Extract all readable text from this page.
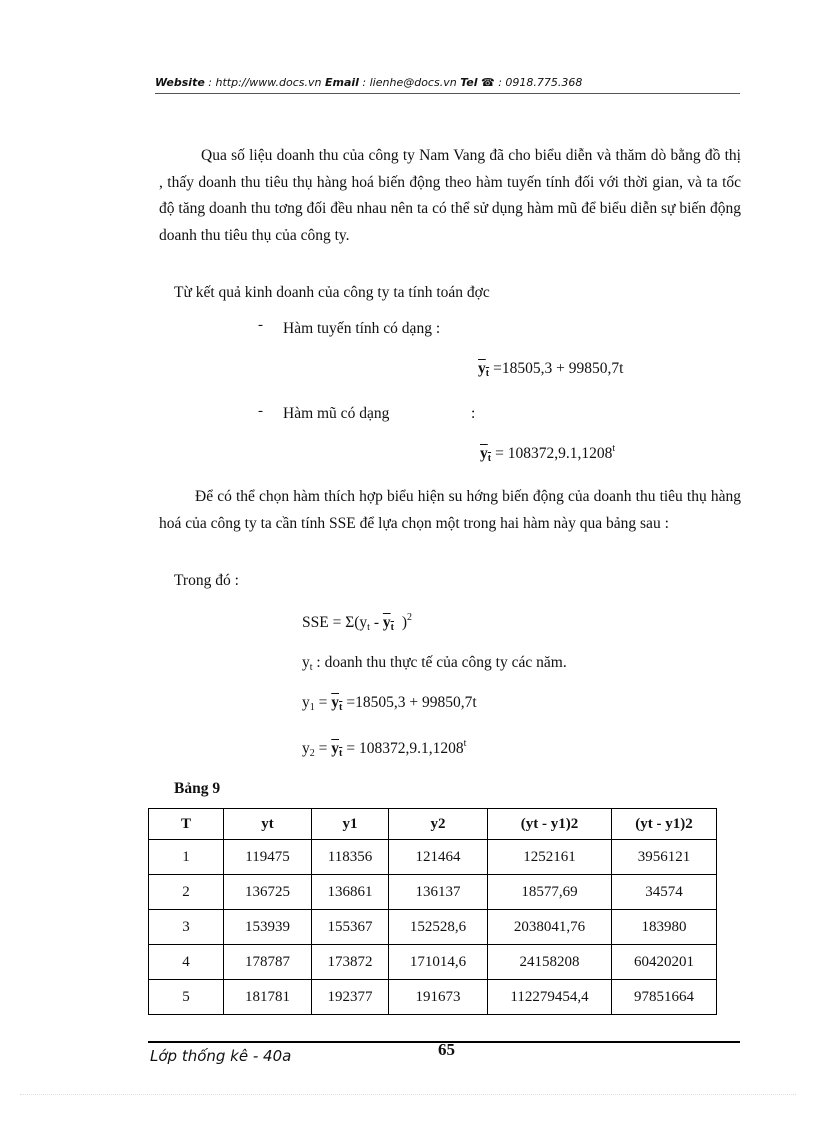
Website : http://www.docs.vn Email : lienhe@docs.vn Tel ☎ : 0918.775.368
Qua số liệu doanh thu của công ty Nam Vang đã cho biểu diễn và thăm dò bằng đồ thị , thấy doanh thu tiêu thụ hàng hoá biến động theo hàm tuyến tính đối với thời gian, và ta tốc độ tăng doanh thu tơng đối đều nhau nên ta có thể sử dụng hàm mũ để biểu diễn sự biến động doanh thu tiêu thụ của công ty.
Từ kết quả kinh doanh của công ty ta tính toán đợc
- Hàm tuyến tính có dạng :
$y_t =18505,3 + 99850,7t$
- Hàm mũ có dạng	:
$y_t = 108372,9.1,1208^t$
Để có thể chọn hàm thích hợp biểu hiện su hớng biến động của doanh thu tiêu thụ hàng hoá của công ty ta cần tính SSE để lựa chọn một trong hai hàm này qua bảng sau :
Trong đó :
SSE = $\Sigma(y_t - y_t$ )$^2$
$y_t$ : doanh thu thực tế của công ty các năm.
$y_1 = y_t =18505,3 + 99850,7t$
$y_2 = y_t = 108372,9.1,1208^t$
Bảng 9
T	yt	y1	y2	(yt - y1)2	(yt - y1)2
1	119475	118356	121464	1252161	3956121
2	136725	136861	136137	18577,69	34574
3	153939	155367	152528,6	2038041,76	183980
4	178787	173872	171014,6	24158208	60420201
5	181781	192377	191673	112279454,4	97851664
Lớp thống kê - 40a	65
